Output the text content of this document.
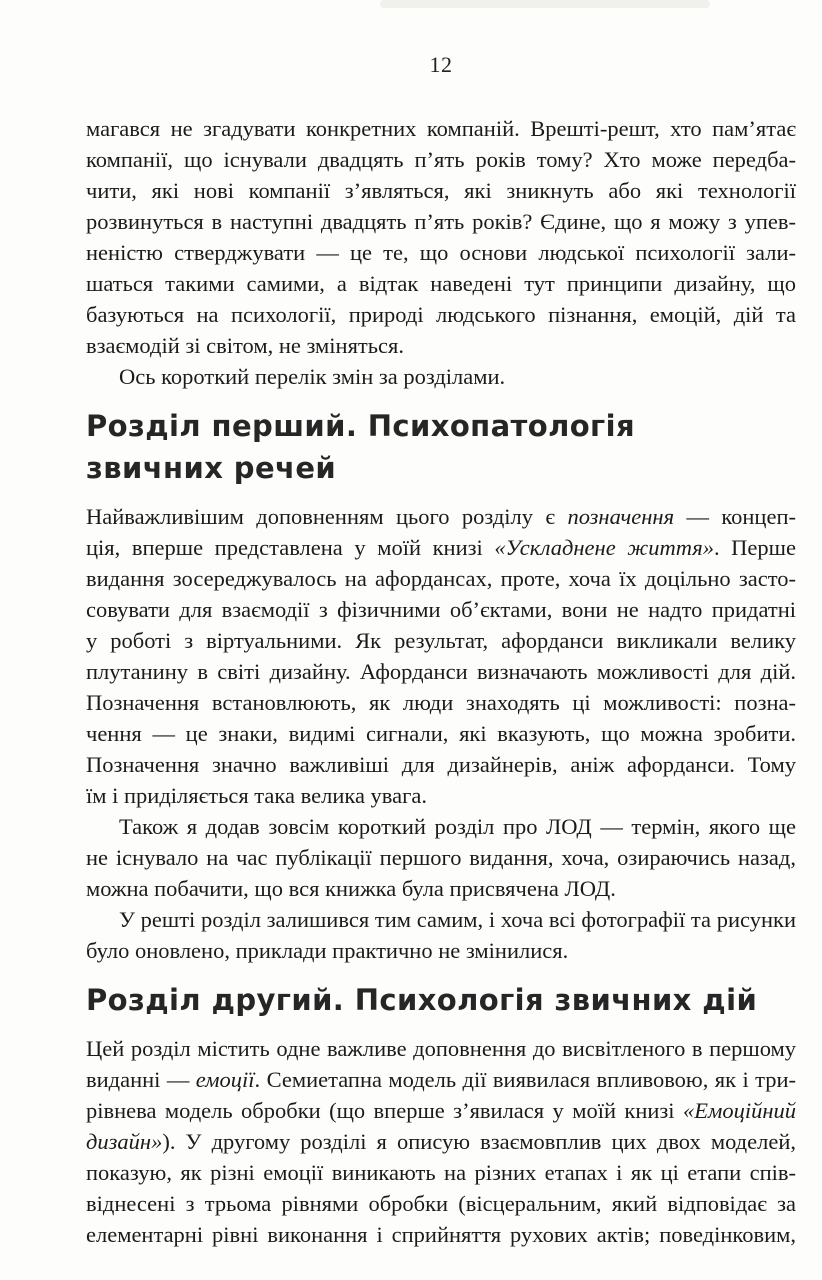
12
магався не згадувати конкретних компаній. Врешті-решт, хто пам’ятає
компанії, що існували двадцять п’ять років тому? Хто може передба-
чити, які нові компанії з’являться, які зникнуть або які технології
розвинуться в наступні двадцять п’ять років? Єдине, що я можу з упев-
неністю стверджувати — це те, що основи людської психології зали-
шаться такими самими, а відтак наведені тут принципи дизайну, що
базуються на психології, природі людського пізнання, емоцій, дій та
взаємодій зі світом, не зміняться.
Ось короткий перелік змін за розділами.
Розділ перший. Психопатологія
звичних речей
Найважливішим доповненням цього розділу є позначення — концеп-
ція, вперше представлена у моїй книзі «Ускладнене життя». Перше
видання зосереджувалось на афордансах, проте, хоча їх доцільно засто-
совувати для взаємодії з фізичними об’єктами, вони не надто придатні
у роботі з віртуальними. Як результат, афорданси викликали велику
плутанину в світі дизайну. Афорданси визначають можливості для дій.
Позначення встановлюють, як люди знаходять ці можливості: позна-
чення — це знаки, видимі сигнали, які вказують, що можна зробити.
Позначення значно важливіші для дизайнерів, аніж афорданси. Тому
їм і приділяється така велика увага.
Також я додав зовсім короткий розділ про ЛОД — термін, якого ще
не існувало на час публікації першого видання, хоча, озираючись назад,
можна побачити, що вся книжка була присвячена ЛОД.
У решті розділ залишився тим самим, і хоча всі фотографії та рисунки
було оновлено, приклади практично не змінилися.
Розділ другий. Психологія звичних дій
Цей розділ містить одне важливе доповнення до висвітленого в першому
виданні — емоції. Семиетапна модель дії виявилася впливовою, як і три-
рівнева модель обробки (що вперше з’явилася у моїй книзі «Емоційний
дизайн»). У другому розділі я описую взаємовплив цих двох моделей,
показую, як різні емоції виникають на різних етапах і як ці етапи спів-
віднесені з трьома рівнями обробки (вісцеральним, який відповідає за
елементарні рівні виконання і сприйняття рухових актів; поведінковим,
